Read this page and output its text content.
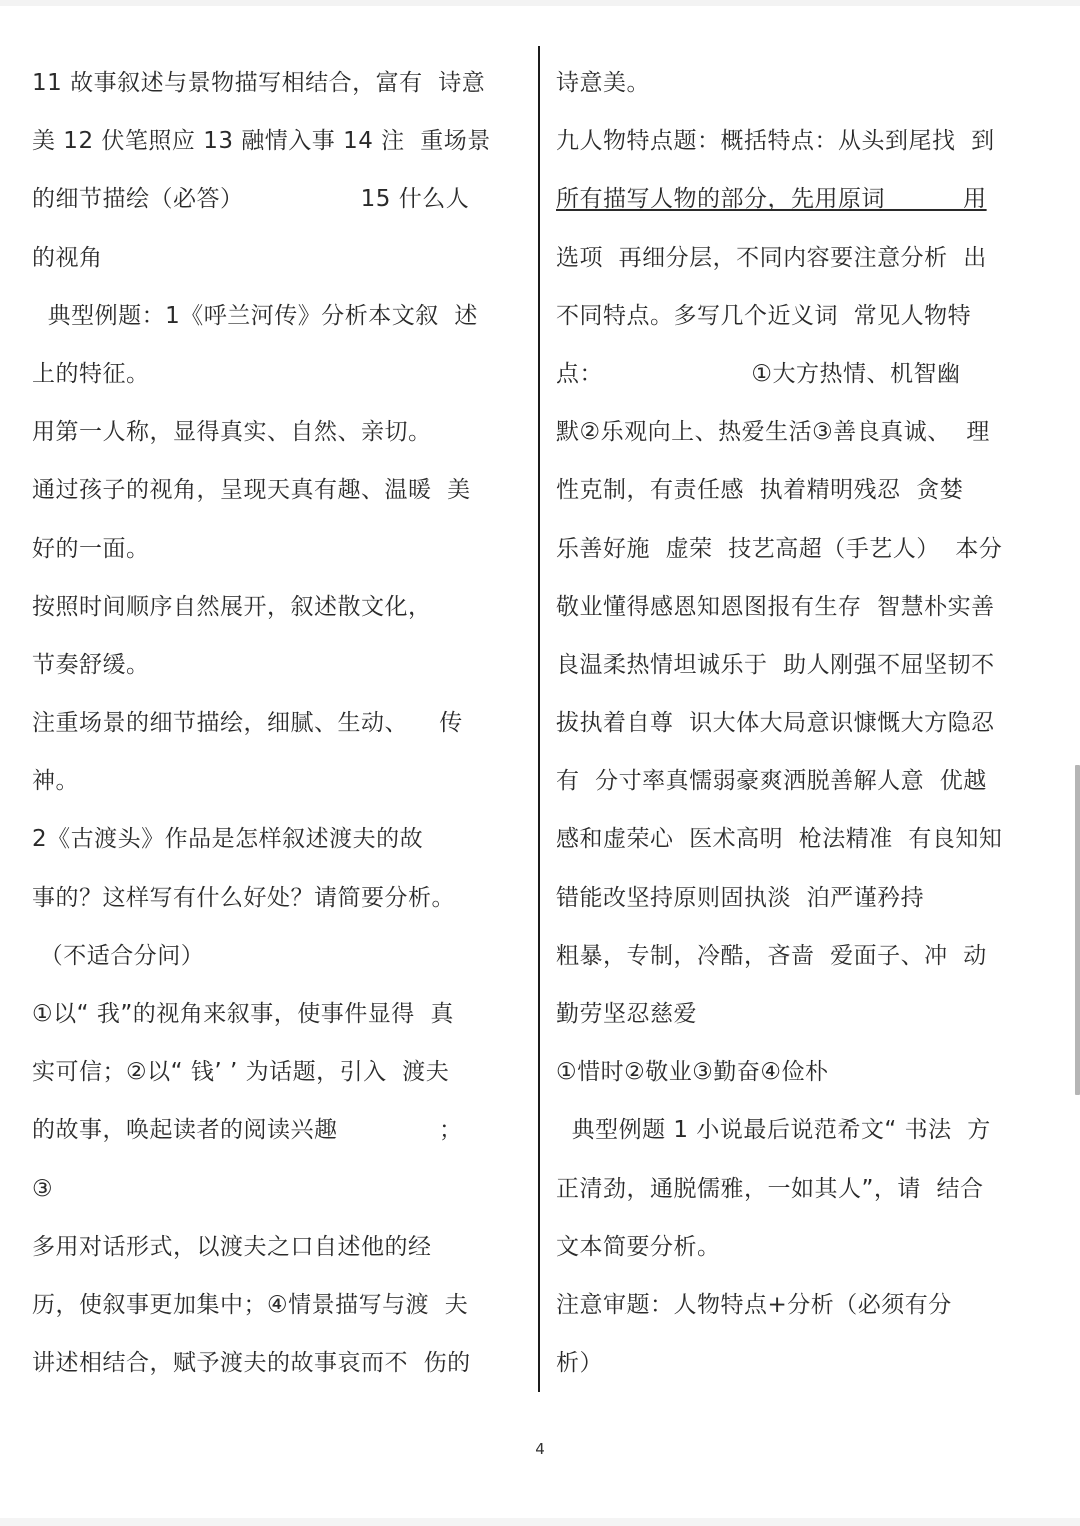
11 故事叙述与景物描写相结合，富有  诗意
美 12 伏笔照应 13 融情入事 14 注  重场景
的细节描绘（必答）               15 什么人
的视角
典型例题：1《呼兰河传》分析本文叙  述
上的特征。
用第一人称，显得真实、自然、亲切。
通过孩子的视角，呈现天真有趣、温暖  美
好的一面。
按照时间顺序自然展开，叙述散文化，
节奏舒缓。
注重场景的细节描绘，细腻、生动、    传
神。
2《古渡头》作品是怎样叙述渡夫的故
事的？这样写有什么好处？请简要分析。
（不适合分问）
①以“ 我”的视角来叙事，使事件显得  真
实可信；②以“ 钱’ ’ 为话题，引入  渡夫
的故事，唤起读者的阅读兴趣             ；
③
多用对话形式，以渡夫之口自述他的经
历，使叙事更加集中；④情景描写与渡  夫
讲述相结合，赋予渡夫的故事哀而不  伤的
诗意美。
九人物特点题：概括特点：从头到尾找  到
所有描写人物的部分，先用原词          用
选项  再细分层，不同内容要注意分析  出
不同特点。多写几个近义词  常见人物特
点：                   ①大方热情、机智幽
默②乐观向上、热爱生活③善良真诚、  理
性克制，有责任感  执着精明残忍  贪婪
乐善好施  虚荣  技艺高超（手艺人）  本分
敬业懂得感恩知恩图报有生存  智慧朴实善
良温柔热情坦诚乐于  助人刚强不屈坚韧不
拔执着自尊  识大体大局意识慷慨大方隐忍
有  分寸率真懦弱豪爽洒脱善解人意  优越
感和虚荣心  医术高明  枪法精准  有良知知
错能改坚持原则固执淡  泊严谨矜持
粗暴，专制，冷酷，吝啬  爱面子、冲  动
勤劳坚忍慈爱
①惜时②敬业③勤奋④俭朴
典型例题 1 小说最后说范希文“ 书法  方
正清劲，通脱儒雅，一如其人”，请  结合
文本简要分析。
注意审题：人物特点+分析（必须有分
析）
4
